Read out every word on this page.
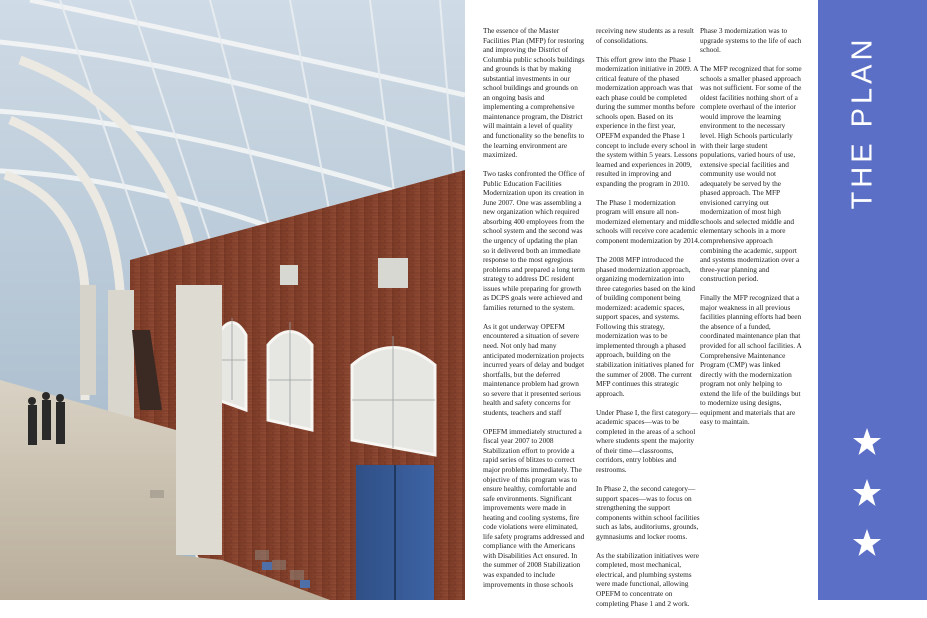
The essence of the Master Facilities Plan (MFP) for restoring and improving the District of Columbia public schools buildings and grounds is that by making substantial investments in our school buildings and grounds on an ongoing basis and implementing a comprehensive maintenance program, the District will maintain a level of quality and functionality so the benefits to the learning environment are maximized.

Two tasks confronted the Office of Public Education Facilities Modernization upon its creation in June 2007. One was assembling a new organization which required absorbing 400 employees from the school system and the second was the urgency of updating the plan so it delivered both an immediate response to the most egregious problems and prepared a long term strategy to address DC resident issues while preparing for growth as DCPS goals were achieved and families returned to the system.

As it got underway OPEFM encountered a situation of severe need. Not only had many anticipated modernization projects incurred years of delay and budget shortfalls, but the deferred maintenance problem had grown so severe that it presented serious health and safety concerns for students, teachers and staff

OPEFM immediately structured a fiscal year 2007 to 2008 Stabilization effort to provide a rapid series of blitzes to correct major problems immediately. The objective of this program was to ensure healthy, comfortable and safe environments. Significant improvements were made in heating and cooling systems, fire code violations were eliminated, life safety programs addressed and compliance with the Americans with Disabilities Act ensured. In the summer of 2008 Stabilization was expanded to include improvements in those schools

receiving new students as a result of consolidations.

This effort grew into the Phase 1 modernization initiative in 2009. A critical feature of the phased modernization approach was that each phase could be completed during the summer months before schools open. Based on its experience in the first year, OPEFM expanded the Phase 1 concept to include every school in the system within 5 years. Lessons learned and experiences in 2009, resulted in improving and expanding the program in 2010.

The Phase 1 modernization program will ensure all non-modernized elementary and middle schools will receive core academic component modernization by 2014.

The 2008 MFP introduced the phased modernization approach, organizing modernization into three categories based on the kind of building component being modernized: academic spaces, support spaces, and systems. Following this strategy, modernization was to be implemented through a phased approach, building on the stabilization initiatives planed for the summer of 2008. The current MFP continues this strategic approach.

Under Phase I, the first category—academic spaces—was to be completed in the areas of a school where students spent the majority of their time—classrooms, corridors, entry lobbies and restrooms.

In Phase 2, the second category—support spaces—was to focus on strengthening the support components within school facilities such as labs, auditoriums, grounds, gymnasiums and locker rooms.

As the stabilization initiatives were completed, most mechanical, electrical, and plumbing systems were made functional, allowing OPEFM to concentrate on completing Phase 1 and 2 work.

Phase 3 modernization was to upgrade systems to the life of each school.

The MFP recognized that for some schools a smaller phased approach was not sufficient. For some of the oldest facilities nothing short of a complete overhaul of the interior would improve the learning environment to the necessary level. High Schools particularly with their large student populations, varied hours of use, extensive special facilities and community use would not adequately be served by the phased approach. The MFP envisioned carrying out modernization of most high schools and selected middle and elementary schools in a more comprehensive approach combining the academic, support and systems modernization over a three-year planning and construction period.

Finally the MFP recognized that a major weakness in all previous facilities planning efforts had been the absence of a funded, coordinated maintenance plan that provided for all school facilities. A Comprehensive Maintenance Program (CMP) was linked directly with the modernization program not only helping to extend the life of the buildings but to modernize using designs, equipment and materials that are easy to maintain.

THE PLAN
